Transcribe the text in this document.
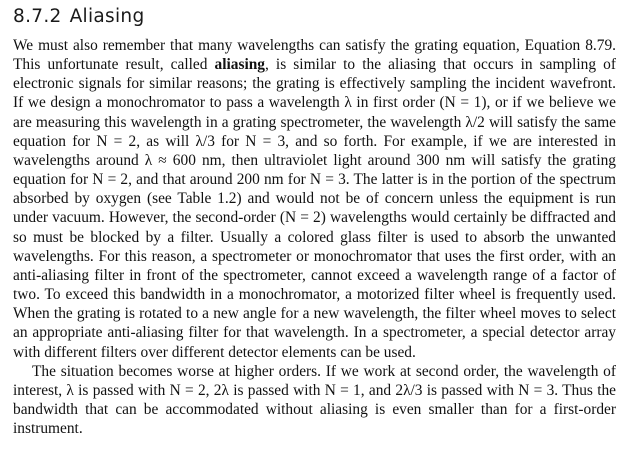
8.7.2 Aliasing

We must also remember that many wavelengths can satisfy the grating equation, Equation 8.79. This unfortunate result, called aliasing, is similar to the aliasing that occurs in sampling of electronic signals for similar reasons; the grating is effectively sampling the incident wavefront. If we design a monochromator to pass a wavelength λ in first order (N = 1), or if we believe we are measuring this wavelength in a grating spectrometer, the wavelength λ/2 will satisfy the same equation for N = 2, as will λ/3 for N = 3, and so forth. For example, if we are interested in wavelengths around λ ≈ 600 nm, then ultraviolet light around 300 nm will satisfy the grating equation for N = 2, and that around 200 nm for N = 3. The latter is in the portion of the spectrum absorbed by oxygen (see Table 1.2) and would not be of concern unless the equipment is run under vacuum. However, the second-order (N = 2) wavelengths would certainly be diffracted and so must be blocked by a filter. Usually a colored glass filter is used to absorb the unwanted wavelengths. For this reason, a spectrometer or monochromator that uses the first order, with an anti-aliasing filter in front of the spectrometer, cannot exceed a wavelength range of a factor of two. To exceed this bandwidth in a monochromator, a motorized filter wheel is frequently used. When the grating is rotated to a new angle for a new wavelength, the filter wheel moves to select an appropriate anti-aliasing filter for that wavelength. In a spectrometer, a special detector array with different filters over different detector elements can be used.

The situation becomes worse at higher orders. If we work at second order, the wavelength of interest, λ is passed with N = 2, 2λ is passed with N = 1, and 2λ/3 is passed with N = 3. Thus the bandwidth that can be accommodated without aliasing is even smaller than for a first-order instrument.
